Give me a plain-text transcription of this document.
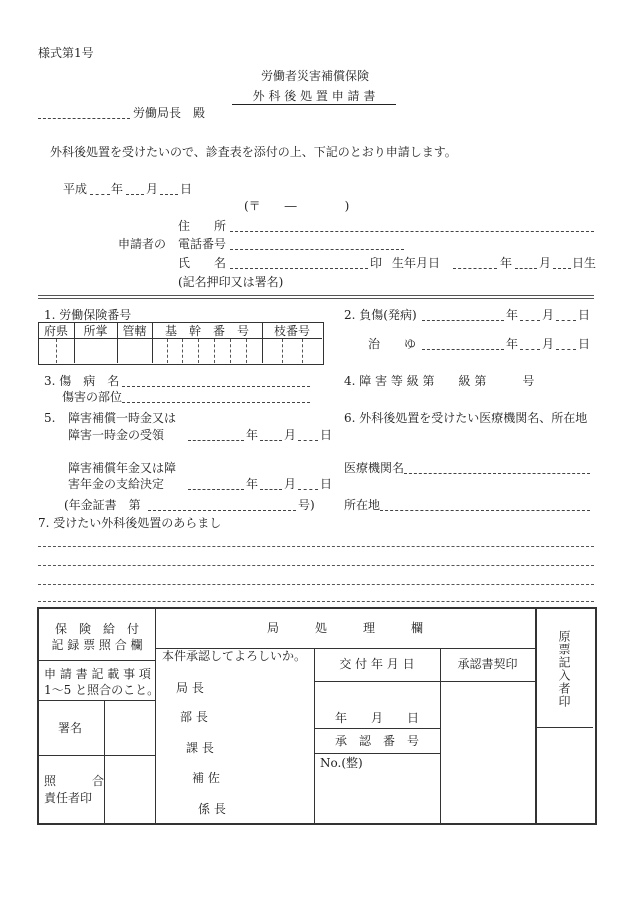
様式第1号
労働者災害補償保険
外 科 後 処 置 申 請 書
労働局長　殿
外科後処置を受けたいので、診査表を添付の上、下記のとおり申請します。
平成 年 月 日
(〒　　―　　　　)
住　　所
申請者の 電話番号
氏　　名	印 生年月日	年 月 日生
(記名押印又は署名)
1. 労働保険番号
府県	所掌	管轄	基　幹　番　号	枝番号
2. 負傷(発病)	年 月 日
治　　ゆ	年 月 日
3. 傷　病　名
傷害の部位
4. 障 害 等 級 第　　級 第　　　号
5. 障害補償一時金又は
障害一時金の受領	年 月 日
障害補償年金又は障
害年金の支給決定	年 月 日
(年金証書　第	号)
6. 外科後処置を受けたい医療機関名、所在地
医療機関名
所在地
7. 受けたい外科後処置のあらまし
保　険　給　付
記 録 票 照 合 欄
局　　　処　　　理　　　欄
本件承認してよろしいか。
局 長
部 長
課 長
補 佐
係 長
交 付 年 月 日	承認書契印
年　　月　　日
承　認　番　号
No.(整)
申 請 書 記 載 事 項
1～5 と照合のこと。
署名
照　　　合
責任者印
原票記入者印
